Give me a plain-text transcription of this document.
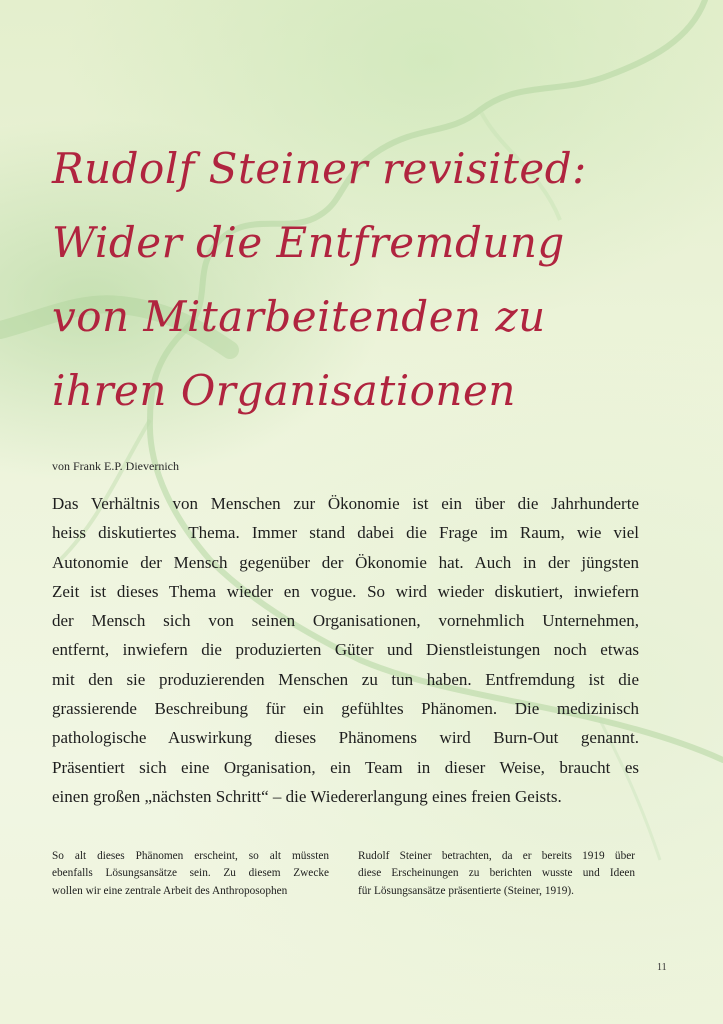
Rudolf Steiner revisited:
Wider die Entfremdung
von Mitarbeitenden zu
ihren Organisationen
von Frank E.P. Dievernich

Das Verhältnis von Menschen zur Ökonomie ist ein über die Jahrhunderte
heiss diskutiertes Thema. Immer stand dabei die Frage im Raum, wie viel
Autonomie der Mensch gegenüber der Ökonomie hat. Auch in der jüngsten
Zeit ist dieses Thema wieder en vogue. So wird wieder diskutiert, inwiefern
der Mensch sich von seinen Organisationen, vornehmlich Unternehmen,
entfernt, inwiefern die produzierten Güter und Dienstleistungen noch etwas
mit den sie produzierenden Menschen zu tun haben. Entfremdung ist die
grassierende Beschreibung für ein gefühltes Phänomen. Die medizinisch
pathologische Auswirkung dieses Phänomens wird Burn-Out genannt.
Präsentiert sich eine Organisation, ein Team in dieser Weise, braucht es
einen großen „nächsten Schritt“ – die Wiedererlangung eines freien Geists.

So alt dieses Phänomen erscheint, so alt müssten
ebenfalls Lösungsansätze sein. Zu diesem Zwecke
wollen wir eine zentrale Arbeit des Anthroposophen
Rudolf Steiner betrachten, da er bereits 1919 über
diese Erscheinungen zu berichten wusste und Ideen
für Lösungsansätze präsentierte (Steiner, 1919).
11
